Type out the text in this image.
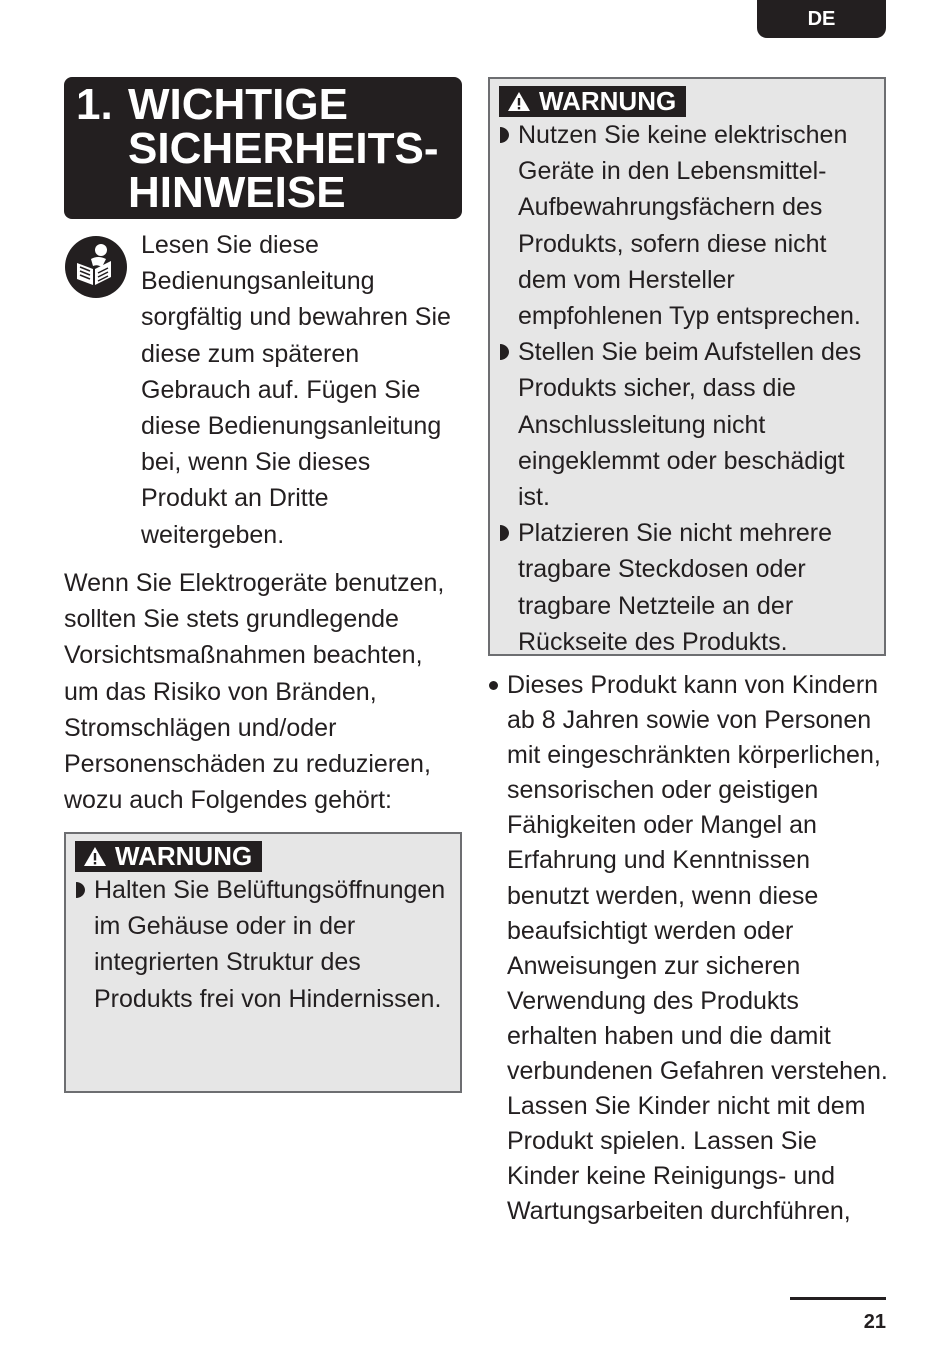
DE
1. WICHTIGE
SICHERHEITS-
HINWEISE
Lesen Sie diese Bedienungsanleitung sorgfältig und bewahren Sie diese zum späteren Gebrauch auf. Fügen Sie diese Bedienungsanleitung bei, wenn Sie dieses Produkt an Dritte weitergeben.
Wenn Sie Elektrogeräte benutzen, sollten Sie stets grundlegende Vorsichtsmaßnahmen beachten, um das Risiko von Bränden, Stromschlägen und/oder Personenschäden zu reduzieren, wozu auch Folgendes gehört:
WARNUNG
Halten Sie Belüftungsöffnungen im Gehäuse oder in der integrierten Struktur des Produkts frei von Hindernissen.
WARNUNG
Nutzen Sie keine elektrischen Geräte in den Lebensmittel-Aufbewahrungsfächern des Produkts, sofern diese nicht dem vom Hersteller empfohlenen Typ entsprechen.
Stellen Sie beim Aufstellen des Produkts sicher, dass die Anschlussleitung nicht eingeklemmt oder beschädigt ist.
Platzieren Sie nicht mehrere tragbare Steckdosen oder tragbare Netzteile an der Rückseite des Produkts.
Dieses Produkt kann von Kindern ab 8 Jahren sowie von Personen mit eingeschränkten körperlichen, sensorischen oder geistigen Fähigkeiten oder Mangel an Erfahrung und Kenntnissen benutzt werden, wenn diese beaufsichtigt werden oder Anweisungen zur sicheren Verwendung des Produkts erhalten haben und die damit verbundenen Gefahren verstehen. Lassen Sie Kinder nicht mit dem Produkt spielen. Lassen Sie Kinder keine Reinigungs- und Wartungsarbeiten durchführen,
21
